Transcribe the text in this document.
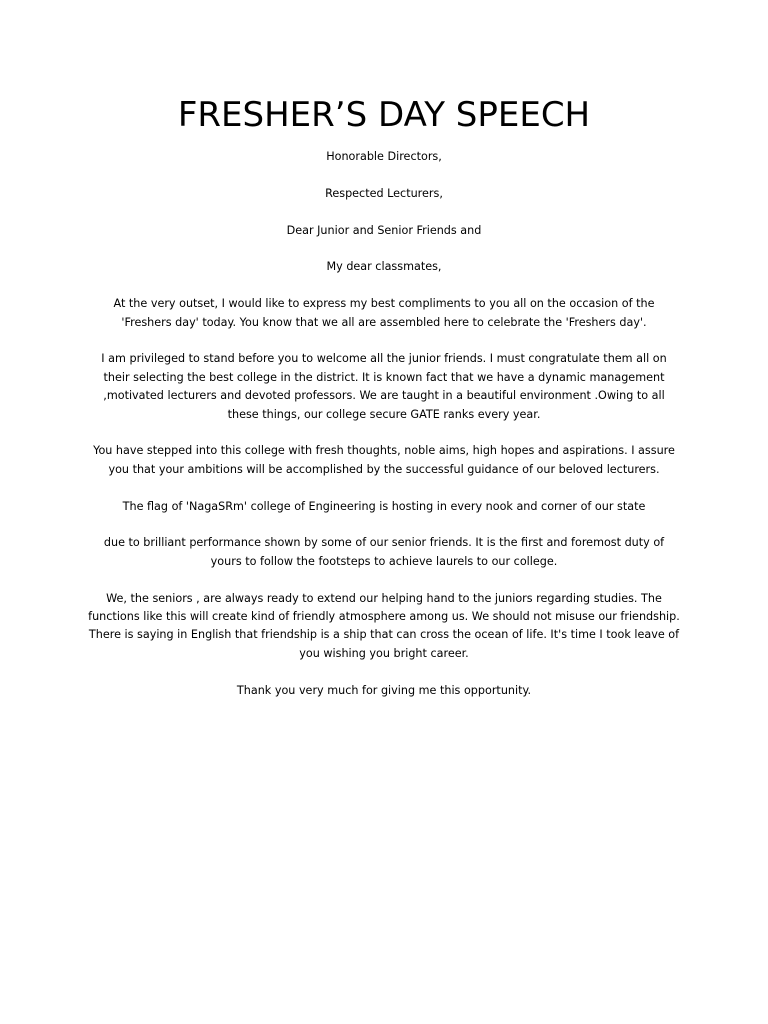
FRESHER’S DAY SPEECH

Honorable Directors,

Respected Lecturers,

Dear Junior and Senior Friends and

My dear classmates,

At the very outset, I would like to express my best compliments to you all on the occasion of the 'Freshers day' today. You know that we all are assembled here to celebrate the 'Freshers day'.

I am privileged to stand before you to welcome all the junior friends. I must congratulate them all on their selecting the best college in the district. It is known fact that we have a dynamic management ,motivated lecturers and devoted professors. We are taught in a beautiful environment .Owing to all these things, our college secure GATE ranks every year.

You have stepped into this college with fresh thoughts, noble aims, high hopes and aspirations. I assure you that your ambitions will be accomplished by the successful guidance of our beloved lecturers.

The flag of 'NagaSRm' college of Engineering is hosting in every nook and corner of our state

due to brilliant performance shown by some of our senior friends. It is the first and foremost duty of yours to follow the footsteps to achieve laurels to our college.

We, the seniors , are always ready to extend our helping hand to the juniors regarding studies. The functions like this will create kind of friendly atmosphere among us. We should not misuse our friendship. There is saying in English that friendship is a ship that can cross the ocean of life. It's time I took leave of you wishing you bright career.

Thank you very much for giving me this opportunity.
